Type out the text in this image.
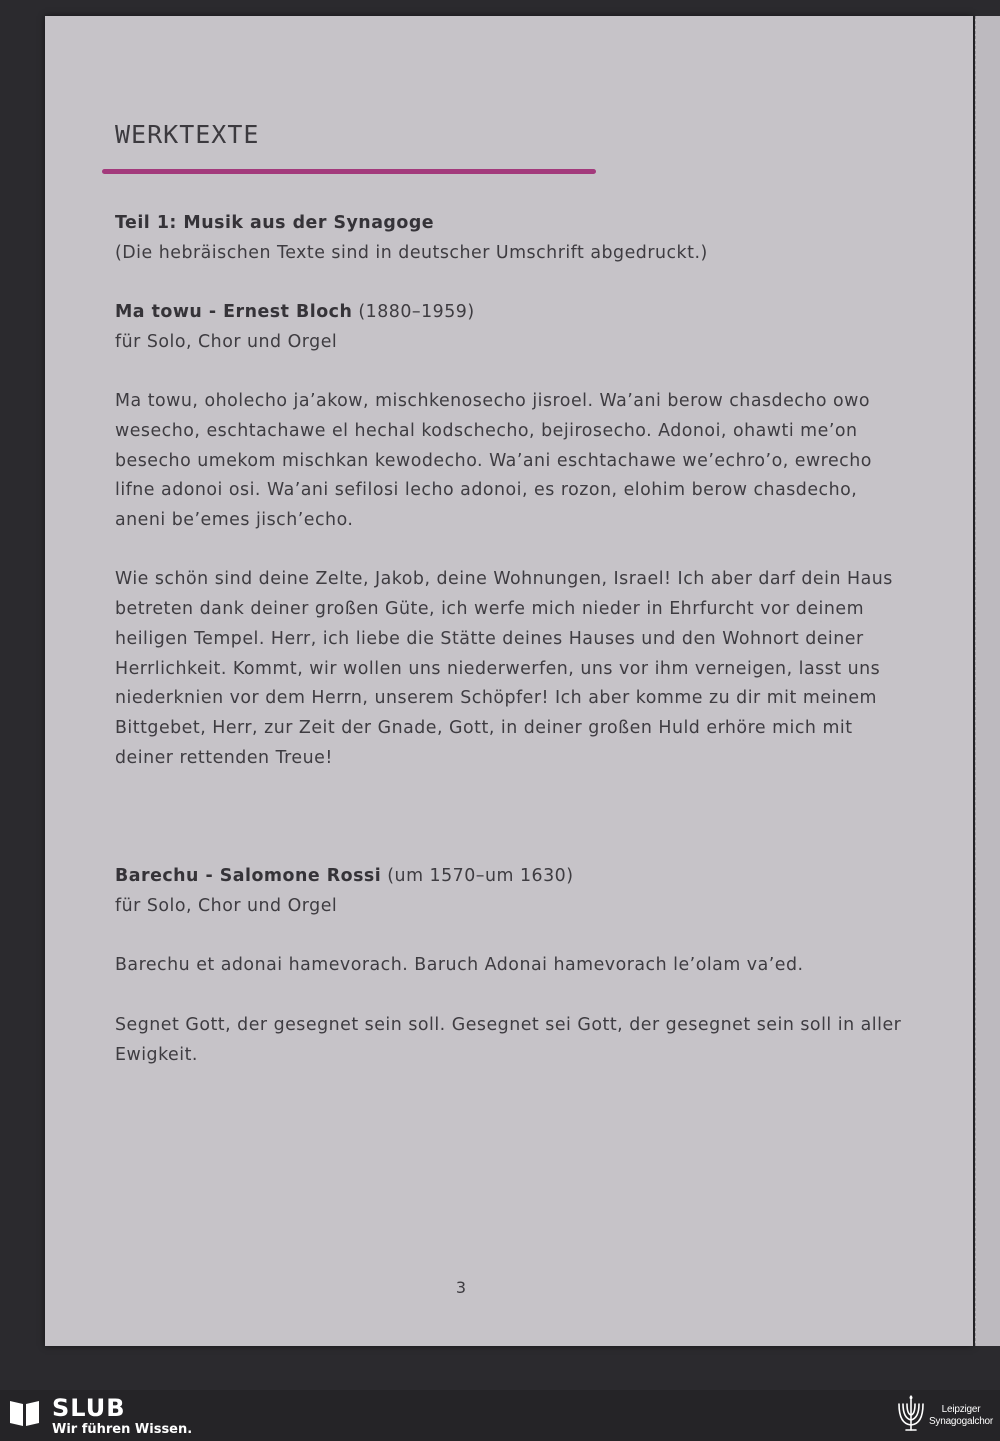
WERKTEXTE

Teil 1: Musik aus der Synagoge

(Die hebräischen Texte sind in deutscher Umschrift abgedruckt.)

Ma towu - Ernest Bloch (1880–1959)

für Solo, Chor und Orgel

Ma towu, oholecho ja’akow, mischkenosecho jisroel. Wa’ani berow chasdecho owo wesecho, eschtachawe el hechal kodschecho, bejirosecho. Adonoi, ohawti me’on besecho umekom mischkan kewodecho. Wa’ani eschtachawe we’echro’o, ewrecho lifne adonoi osi. Wa’ani sefilosi lecho adonoi, es rozon, elohim berow chasdecho, aneni be’emes jisch’echo.

Wie schön sind deine Zelte, Jakob, deine Wohnungen, Israel! Ich aber darf dein Haus betreten dank deiner großen Güte, ich werfe mich nieder in Ehrfurcht vor deinem heiligen Tempel. Herr, ich liebe die Stätte deines Hauses und den Wohnort deiner Herrlichkeit. Kommt, wir wollen uns niederwerfen, uns vor ihm verneigen, lasst uns niederknien vor dem Herrn, unserem Schöpfer! Ich aber komme zu dir mit meinem Bittgebet, Herr, zur Zeit der Gnade, Gott, in deiner großen Huld erhöre mich mit deiner rettenden Treue!

Barechu - Salomone Rossi (um 1570–um 1630)

für Solo, Chor und Orgel

Barechu et adonai hamevorach. Baruch Adonai hamevorach le’olam va’ed.

Segnet Gott, der gesegnet sein soll. Gesegnet sei Gott, der gesegnet sein soll in aller Ewigkeit.

3
SLUB
Wir führen Wissen.
Leipziger
Synagogalchor
